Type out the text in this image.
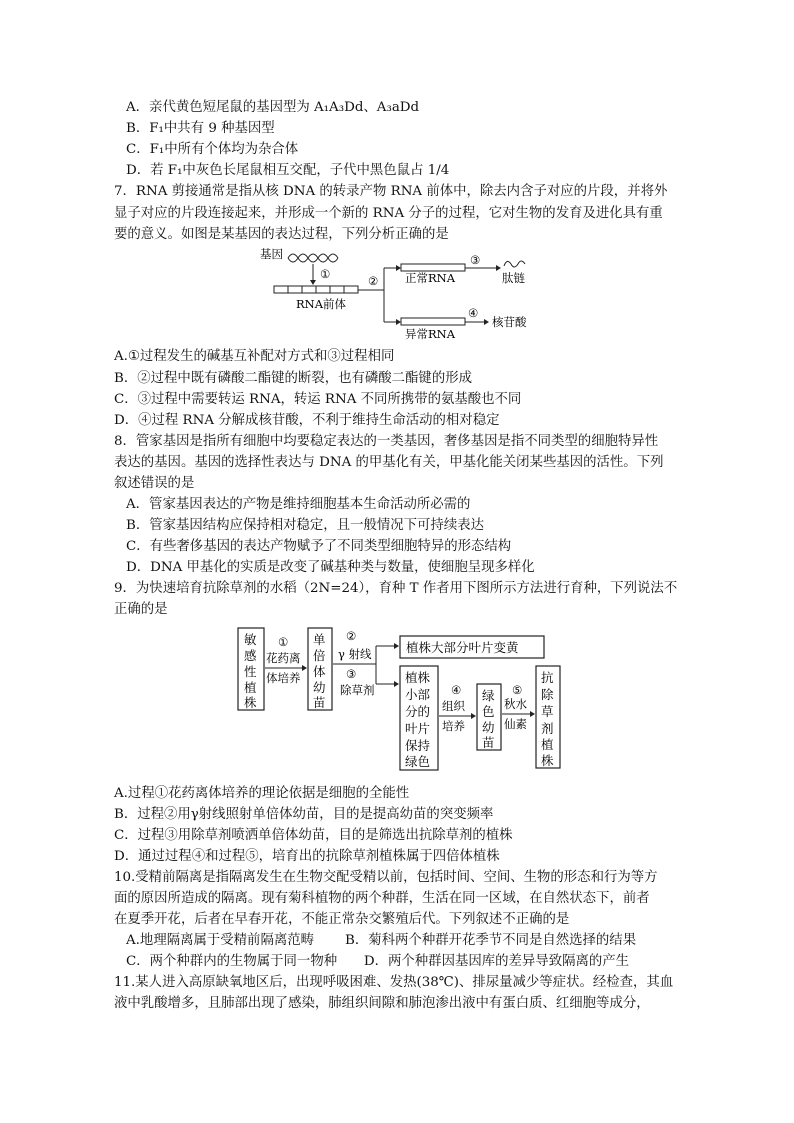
A．亲代黄色短尾鼠的基因型为 A₁A₃Dd、A₃aDd
B．F₁中共有 9 种基因型
C．F₁中所有个体均为杂合体
D．若 F₁中灰色长尾鼠相互交配，子代中黑色鼠占 1/4
7．RNA 剪接通常是指从核 DNA 的转录产物 RNA 前体中，除去内含子对应的片段，并将外
显子对应的片段连接起来，并形成一个新的 RNA 分子的过程，它对生物的发育及进化具有重
要的意义。如图是某基因的表达过程，下列分析正确的是
基因
①
RNA前体
② 正常RNA
③
肽链
异常RNA
④
核苷酸
A.①过程发生的碱基互补配对方式和③过程相同
B．②过程中既有磷酸二酯键的断裂，也有磷酸二酯键的形成
C．③过程中需要转运 RNA，转运 RNA 不同所携带的氨基酸也不同
D．④过程 RNA 分解成核苷酸，不利于维持生命活动的相对稳定
8．管家基因是指所有细胞中均要稳定表达的一类基因，奢侈基因是指不同类型的细胞特异性
表达的基因。基因的选择性表达与 DNA 的甲基化有关，甲基化能关闭某些基因的活性。下列
叙述错误的是
A．管家基因表达的产物是维持细胞基本生命活动所必需的
B．管家基因结构应保持相对稳定，且一般情况下可持续表达
C．有些奢侈基因的表达产物赋予了不同类型细胞特异的形态结构
D．DNA 甲基化的实质是改变了碱基种类与数量，使细胞呈现多样化
9．为快速培育抗除草剂的水稻（2N=24），育种 T 作者用下图所示方法进行育种，下列说法不
正确的是
敏
感
性
植
株
①
花药离
体培养
单
倍
体
幼
苗
②
γ 射线
③
除草剂
植株大部分叶片变黄
植株
小部
分的
叶片
保持
绿色
④
组织
培养
绿
色
幼
苗
⑤
秋水
仙素
抗
除
草
剂
植
株
A.过程①花药离体培养的理论依据是细胞的全能性
B．过程②用γ射线照射单倍体幼苗，目的是提高幼苗的突变频率
C．过程③用除草剂喷洒单倍体幼苗，目的是筛选出抗除草剂的植株
D．通过过程④和过程⑤，培育出的抗除草剂植株属于四倍体植株
10.受精前隔离是指隔离发生在生物交配受精以前，包括时间、空间、生物的形态和行为等方
面的原因所造成的隔离。现有菊科植物的两个种群，生活在同一区域，在自然状态下，前者
在夏季开花，后者在早春开花，不能正常杂交繁殖后代。下列叙述不正确的是
A.地理隔离属于受精前隔离范畴　　 B．菊科两个种群开花季节不同是自然选择的结果
C．两个种群内的生物属于同一物种　　D．两个种群因基因库的差异导致隔离的产生
11.某人进入高原缺氧地区后，出现呼吸困难、发热(38℃)、排尿量减少等症状。经检查，其血
液中乳酸增多，且肺部出现了感染，肺组织间隙和肺泡渗出液中有蛋白质、红细胞等成分，
